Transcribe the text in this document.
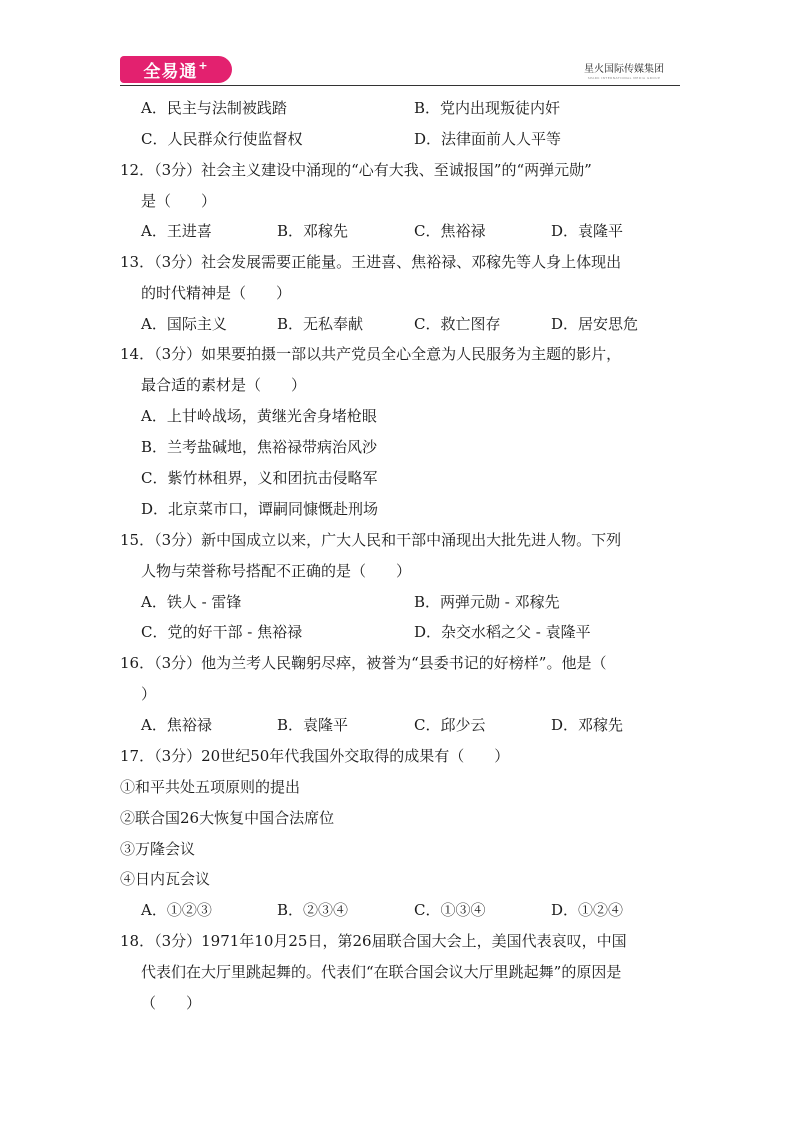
全易通 +	星火国际传媒集团
SPARK INTERNATIONAL MEDIA GROUP
A．民主与法制被践踏	B．党内出现叛徒内奸
C．人民群众行使监督权	D．法律面前人人平等
12．（3分）社会主义建设中涌现的“心有大我、至诚报国”的“两弹元勋”
是（　　）
A．王进喜	B．邓稼先	C．焦裕禄	D．袁隆平
13．（3分）社会发展需要正能量。王进喜、焦裕禄、邓稼先等人身上体现出
的时代精神是（　　）
A．国际主义	B．无私奉献	C．救亡图存	D．居安思危
14．（3分）如果要拍摄一部以共产党员全心全意为人民服务为主题的影片，
最合适的素材是（　　）
A．上甘岭战场，黄继光舍身堵枪眼
B．兰考盐碱地，焦裕禄带病治风沙
C．紫竹林租界，义和团抗击侵略军
D．北京菜市口，谭嗣同慷慨赴刑场
15．（3分）新中国成立以来，广大人民和干部中涌现出大批先进人物。下列
人物与荣誉称号搭配不正确的是（　　）
A．铁人 - 雷锋	B．两弹元勋 - 邓稼先
C．党的好干部 - 焦裕禄	D．杂交水稻之父 - 袁隆平
16．（3分）他为兰考人民鞠躬尽瘁，被誉为“县委书记的好榜样”。他是（
）
A．焦裕禄	B．袁隆平	C．邱少云	D．邓稼先
17．（3分）20世纪50年代我国外交取得的成果有（　　）
①和平共处五项原则的提出
②联合国26大恢复中国合法席位
③万隆会议
④日内瓦会议
A．①②③	B．②③④	C．①③④	D．①②④
18．（3分）1971年10月25日，第26届联合国大会上，美国代表哀叹，中国
代表们在大厅里跳起舞的。代表们“在联合国会议大厅里跳起舞”的原因是
（　　）
